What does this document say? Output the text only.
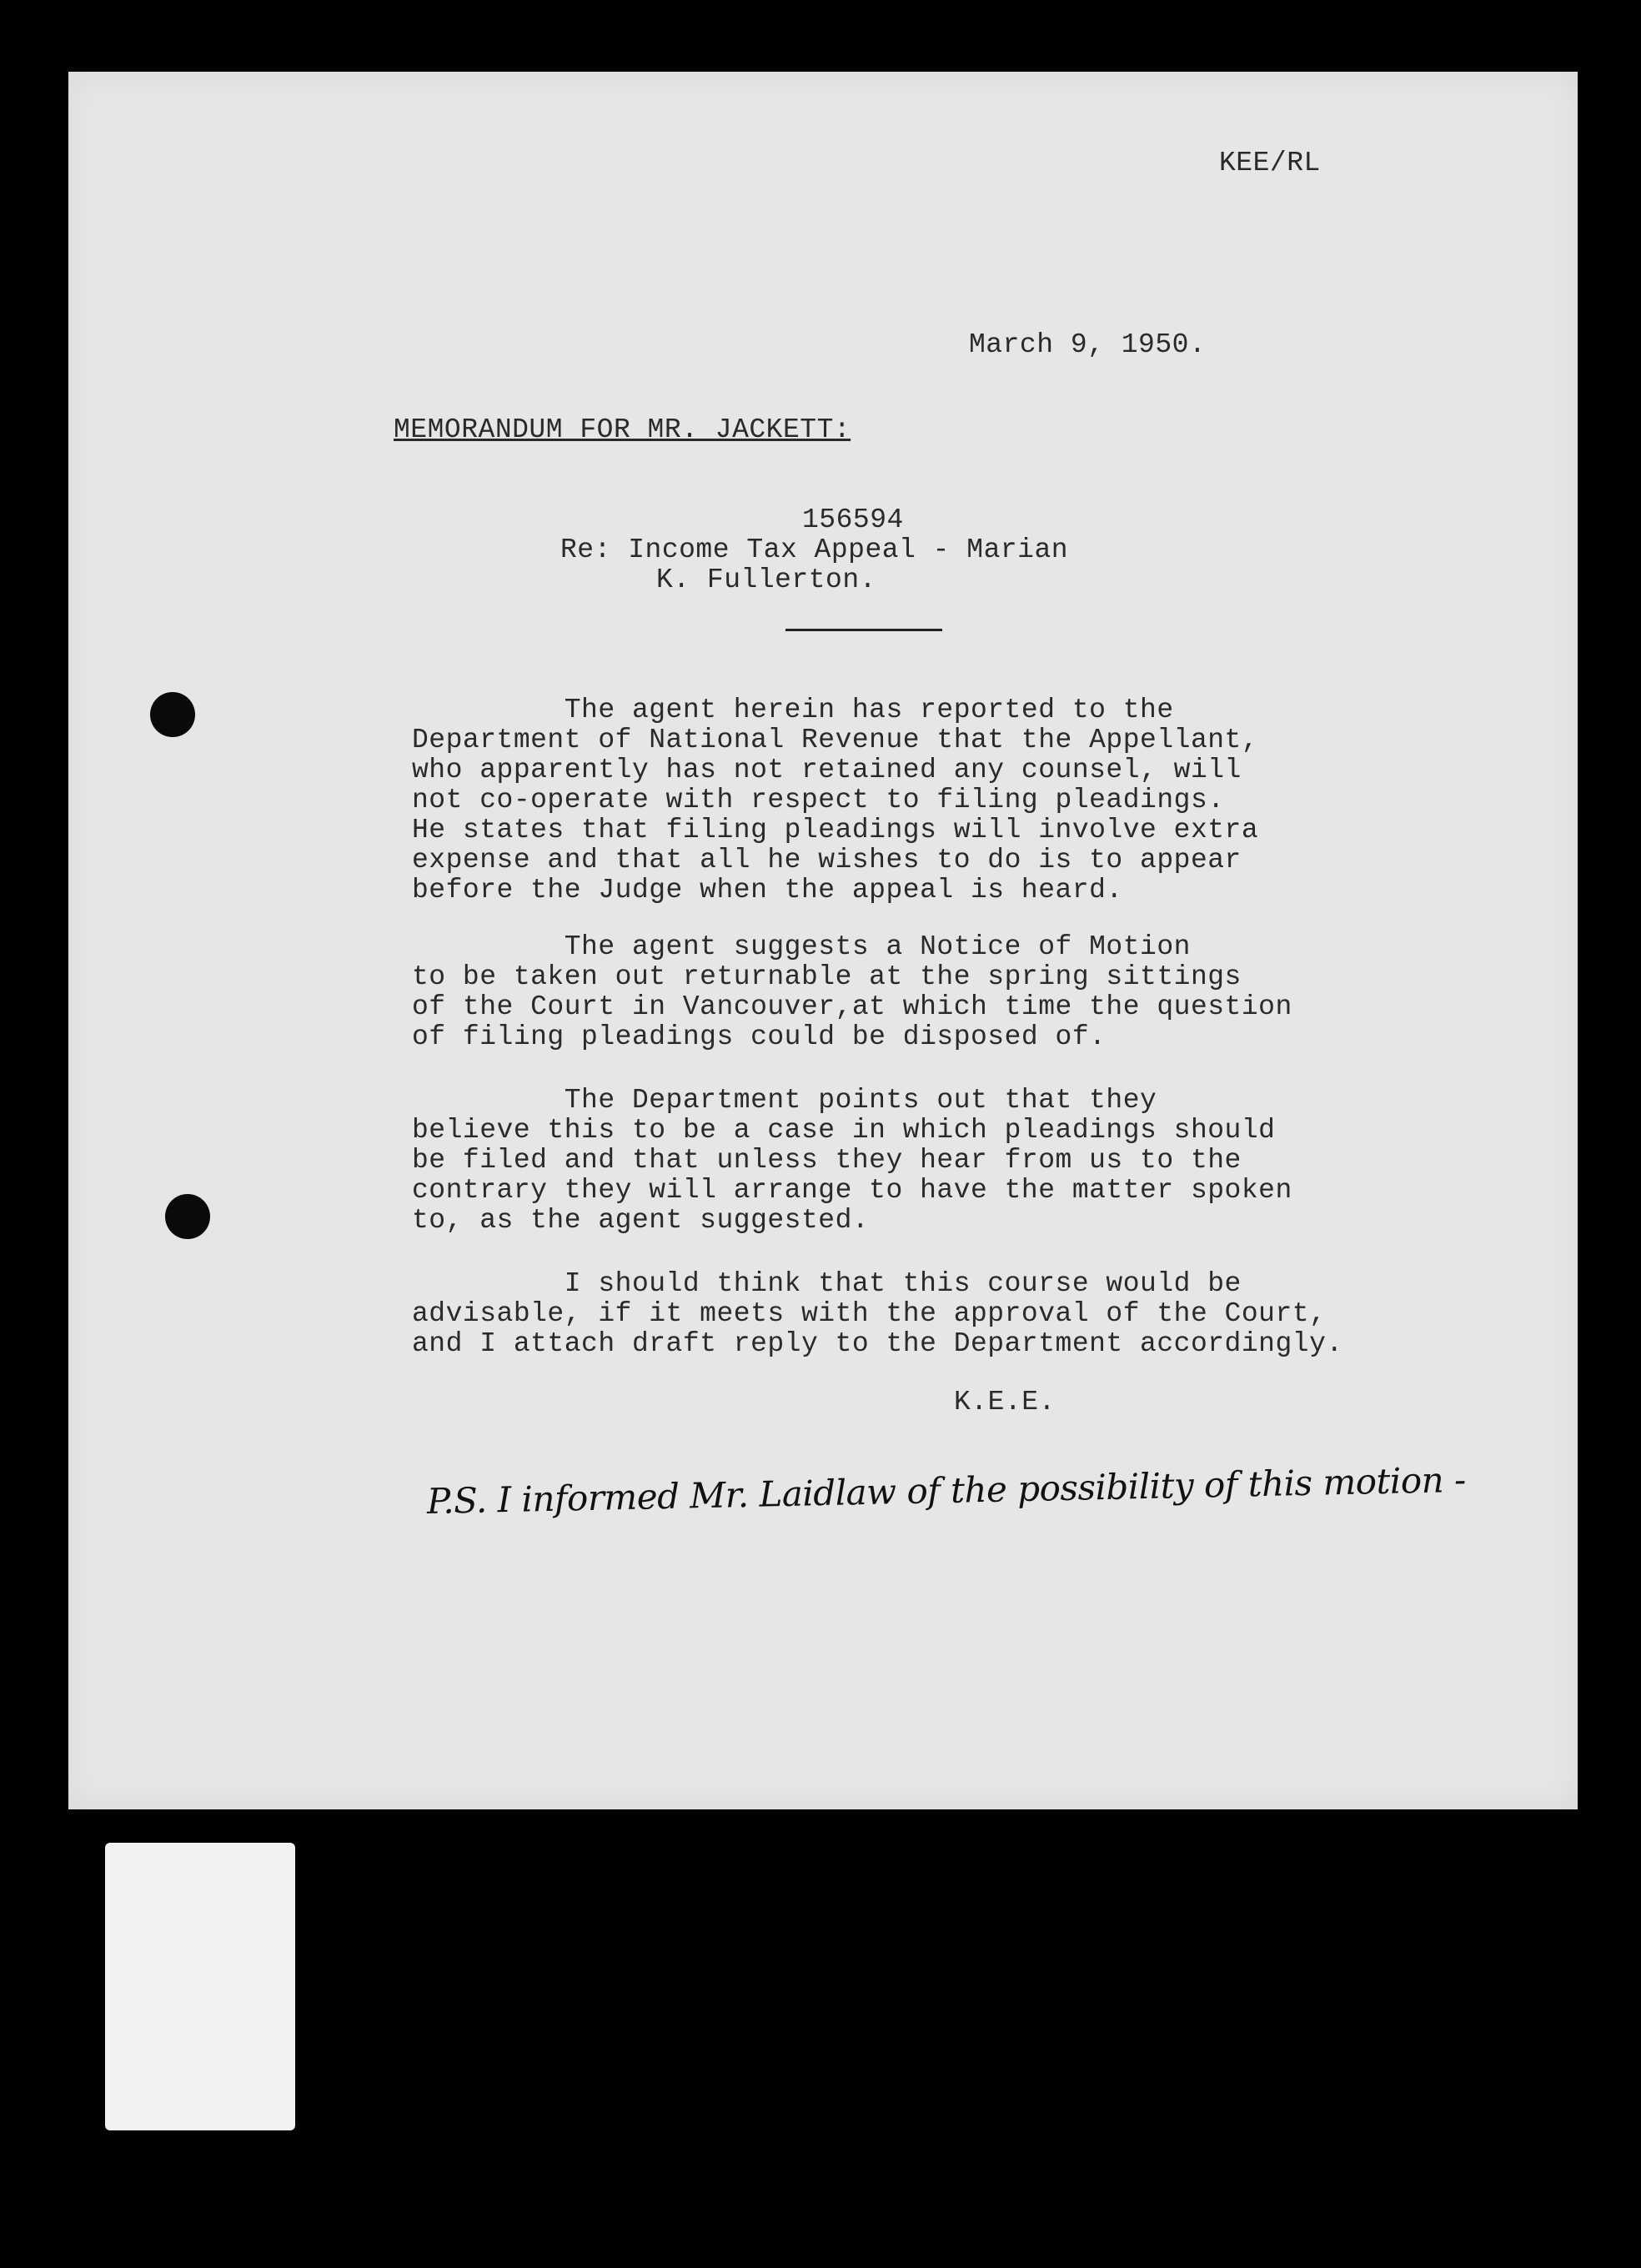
KEE/RL
March 9, 1950.
MEMORANDUM FOR MR. JACKETT:
156594
Re: Income Tax Appeal - Marian
K. Fullerton.
The agent herein has reported to the
Department of National Revenue that the Appellant,
who apparently has not retained any counsel, will
not co-operate with respect to filing pleadings.
He states that filing pleadings will involve extra
expense and that all he wishes to do is to appear
before the Judge when the appeal is heard.
The agent suggests a Notice of Motion
to be taken out returnable at the spring sittings
of the Court in Vancouver,at which time the question
of filing pleadings could be disposed of.
The Department points out that they
believe this to be a case in which pleadings should
be filed and that unless they hear from us to the
contrary they will arrange to have the matter spoken
to, as the agent suggested.
I should think that this course would be
advisable, if it meets with the approval of the Court,
and I attach draft reply to the Department accordingly.
K.E.E.
P.S. I informed Mr. Laidlaw of the possibility of this motion -
